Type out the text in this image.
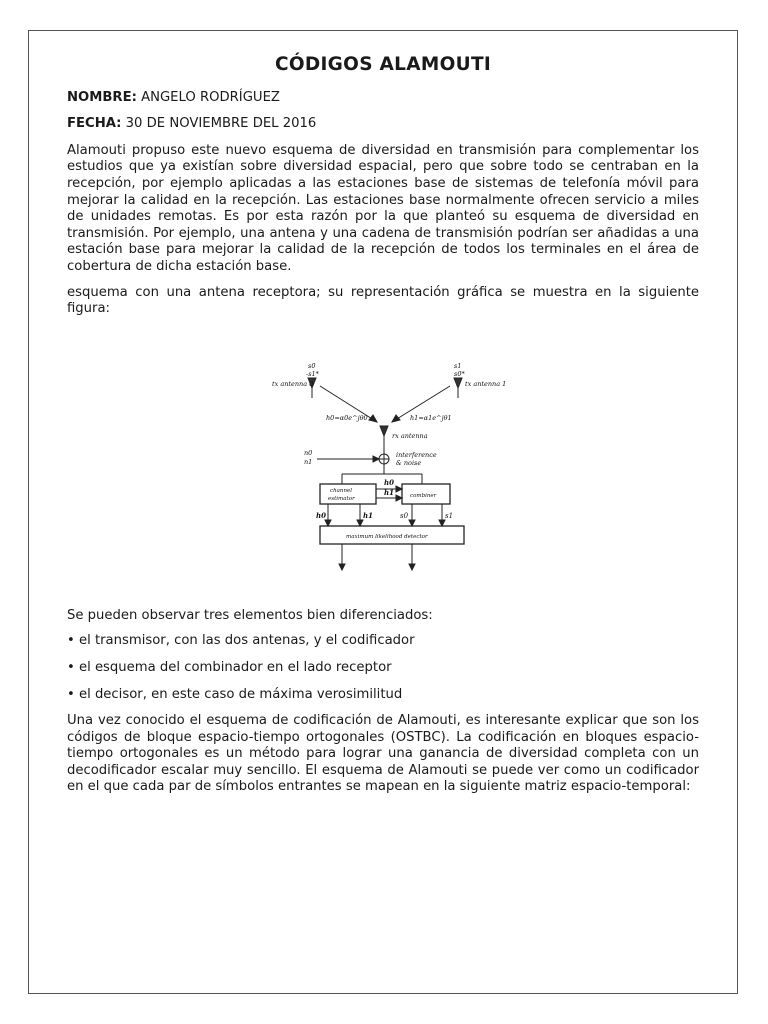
CÓDIGOS ALAMOUTI
NOMBRE: ANGELO RODRÍGUEZ
FECHA: 30 DE NOVIEMBRE DEL 2016

Alamouti propuso este nuevo esquema de diversidad en transmisión para complementar los estudios que ya existían sobre diversidad espacial, pero que sobre todo se centraban en la recepción, por ejemplo aplicadas a las estaciones base de sistemas de telefonía móvil para mejorar la calidad en la recepción. Las estaciones base normalmente ofrecen servicio a miles de unidades remotas. Es por esta razón por la que planteó su esquema de diversidad en transmisión. Por ejemplo, una antena y una cadena de transmisión podrían ser añadidas a una estación base para mejorar la calidad de la recepción de todos los terminales en el área de cobertura de dicha estación base.

esquema con una antena receptora; su representación gráfica se muestra en la siguiente figura:

tx antenna 0	tx antenna 1
s0
-s1*
s1
s0*
h0=α0e^jθ0	h1=α1e^jθ1
rx antenna
n0
n1
interference
& noise
channel
estimator	combiner
h0
h1
h0	h1	s0	s1
maximum likelihood detector

Se pueden observar tres elementos bien diferenciados:

• el transmisor, con las dos antenas, y el codificador
• el esquema del combinador en el lado receptor
• el decisor, en este caso de máxima verosimilitud

Una vez conocido el esquema de codificación de Alamouti, es interesante explicar que son los códigos de bloque espacio-tiempo ortogonales (OSTBC). La codificación en bloques espacio-tiempo ortogonales es un método para lograr una ganancia de diversidad completa con un decodificador escalar muy sencillo. El esquema de Alamouti se puede ver como un codificador en el que cada par de símbolos entrantes se mapean en la siguiente matriz espacio-temporal:
